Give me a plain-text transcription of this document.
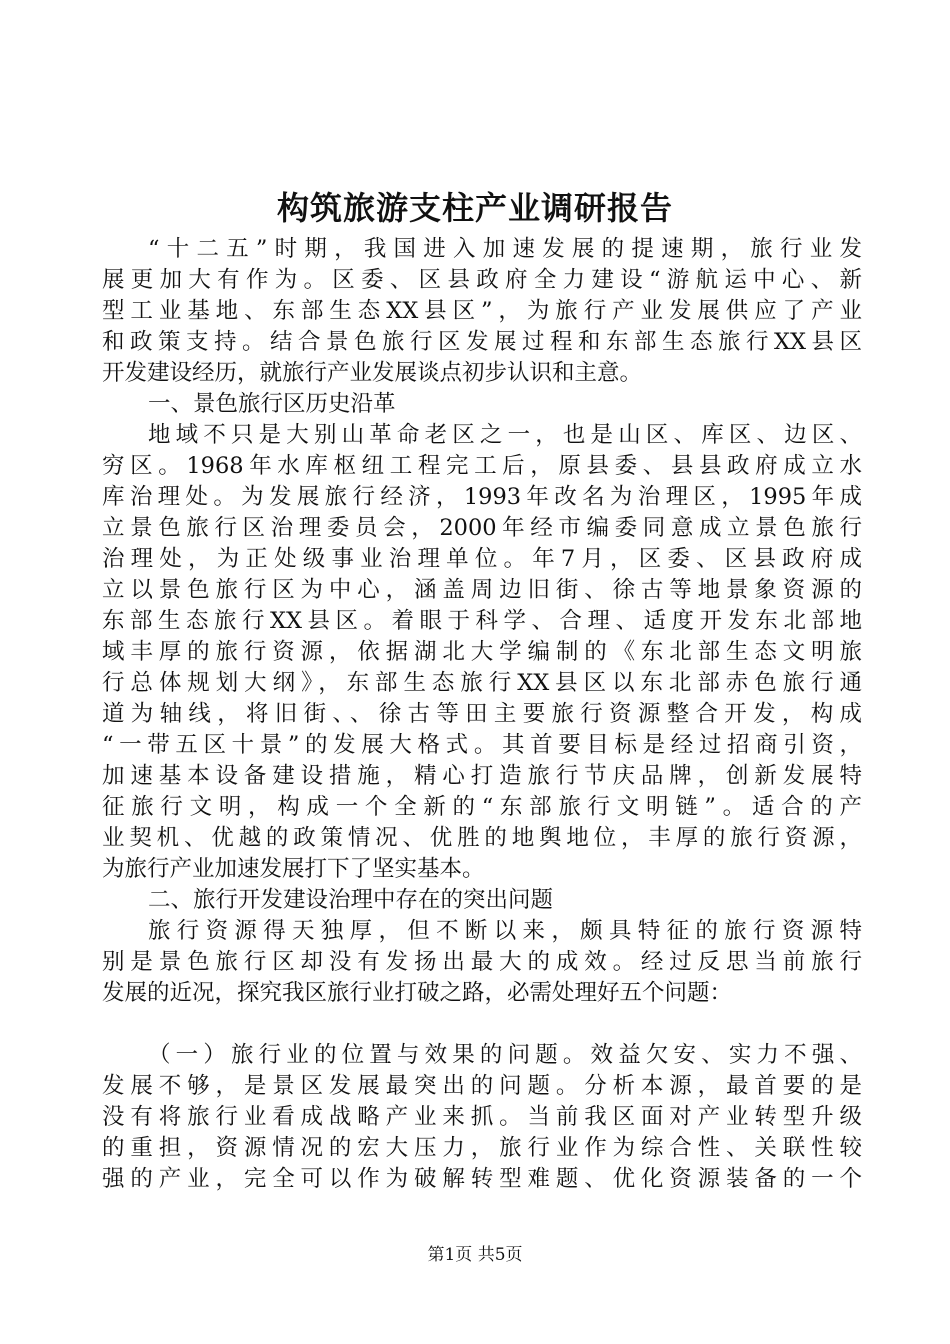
构筑旅游支柱产业调研报告
“十二五”时期，我国进入加速发展的提速期，旅行业发
展更加大有作为。区委、区县政府全力建设“游航运中心、新
型工业基地、东部生态XX县区”，为旅行产业发展供应了产业
和政策支持。结合景色旅行区发展过程和东部生态旅行XX县区
开发建设经历，就旅行产业发展谈点初步认识和主意。
一、景色旅行区历史沿革
地域不只是大别山革命老区之一，也是山区、库区、边区、
穷区。1968年水库枢纽工程完工后，原县委、县县政府成立水
库治理处。为发展旅行经济，1993年改名为治理区，1995年成
立景色旅行区治理委员会，2000年经市编委同意成立景色旅行
治理处，为正处级事业治理单位。年7月，区委、区县政府成
立以景色旅行区为中心，涵盖周边旧街、徐古等地景象资源的
东部生态旅行XX县区。着眼于科学、合理、适度开发东北部地
域丰厚的旅行资源，依据湖北大学编制的《东北部生态文明旅
行总体规划大纲》，东部生态旅行XX县区以东北部赤色旅行通
道为轴线，将旧街、、徐古等田主要旅行资源整合开发，构成
“一带五区十景”的发展大格式。其首要目标是经过招商引资，
加速基本设备建设措施，精心打造旅行节庆品牌，创新发展特
征旅行文明，构成一个全新的“东部旅行文明链”。适合的产
业契机、优越的政策情况、优胜的地舆地位，丰厚的旅行资源，
为旅行产业加速发展打下了坚实基本。
二、旅行开发建设治理中存在的突出问题
旅行资源得天独厚，但不断以来，颇具特征的旅行资源特
别是景色旅行区却没有发扬出最大的成效。经过反思当前旅行
发展的近况，探究我区旅行业打破之路，必需处理好五个问题：
（一）旅行业的位置与效果的问题。效益欠安、实力不强、
发展不够，是景区发展最突出的问题。分析本源，最首要的是
没有将旅行业看成战略产业来抓。当前我区面对产业转型升级
的重担，资源情况的宏大压力，旅行业作为综合性、关联性较
强的产业，完全可以作为破解转型难题、优化资源装备的一个
第1页 共5页
